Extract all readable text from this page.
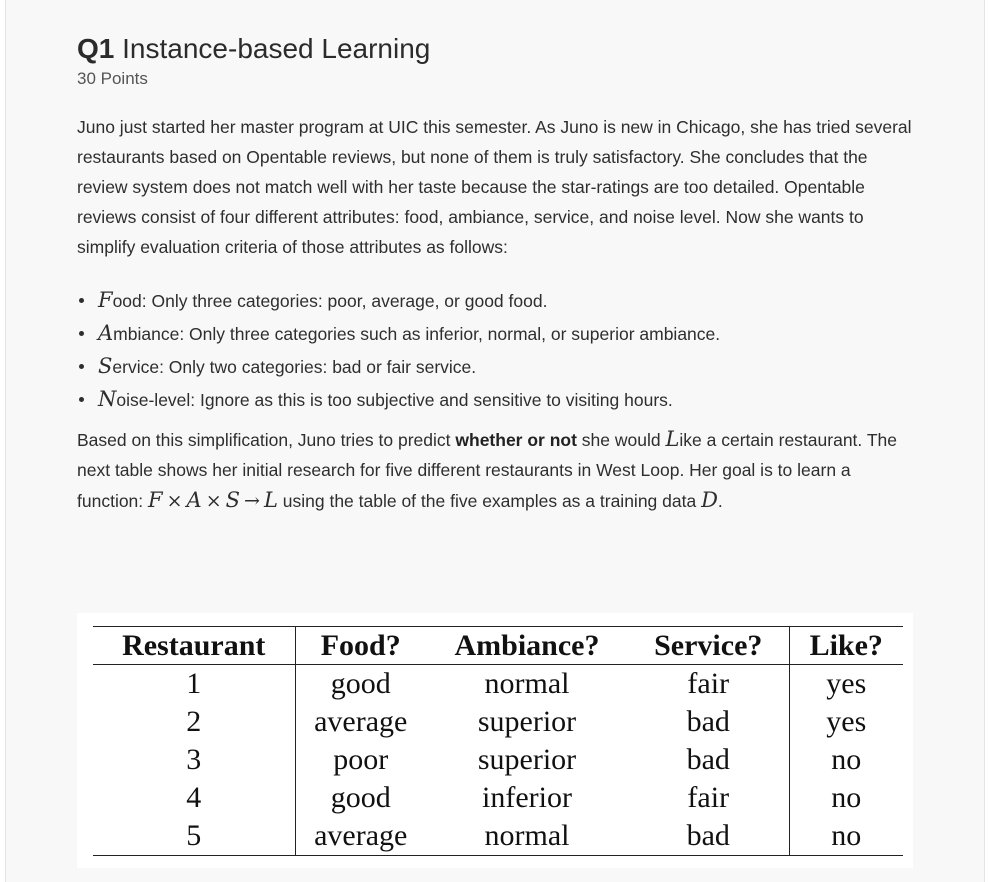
Q1 Instance-based Learning
30 Points

Juno just started her master program at UIC this semester. As Juno is new in Chicago, she has tried several restaurants based on Opentable reviews, but none of them is truly satisfactory. She concludes that the review system does not match well with her taste because the star-ratings are too detailed. Opentable reviews consist of four different attributes: food, ambiance, service, and noise level. Now she wants to simplify evaluation criteria of those attributes as follows:

Food: Only three categories: poor, average, or good food.
Ambiance: Only three categories such as inferior, normal, or superior ambiance.
Service: Only two categories: bad or fair service.
Noise-level: Ignore as this is too subjective and sensitive to visiting hours.

Based on this simplification, Juno tries to predict whether or not she would Like a certain restaurant. The next table shows her initial research for five different restaurants in West Loop. Her goal is to learn a function: F × A × S → L using the table of the five examples as a training data D.

Restaurant	Food?	Ambiance?	Service?	Like?
1	good	normal	fair	yes
2	average	superior	bad	yes
3	poor	superior	bad	no
4	good	inferior	fair	no
5	average	normal	bad	no
